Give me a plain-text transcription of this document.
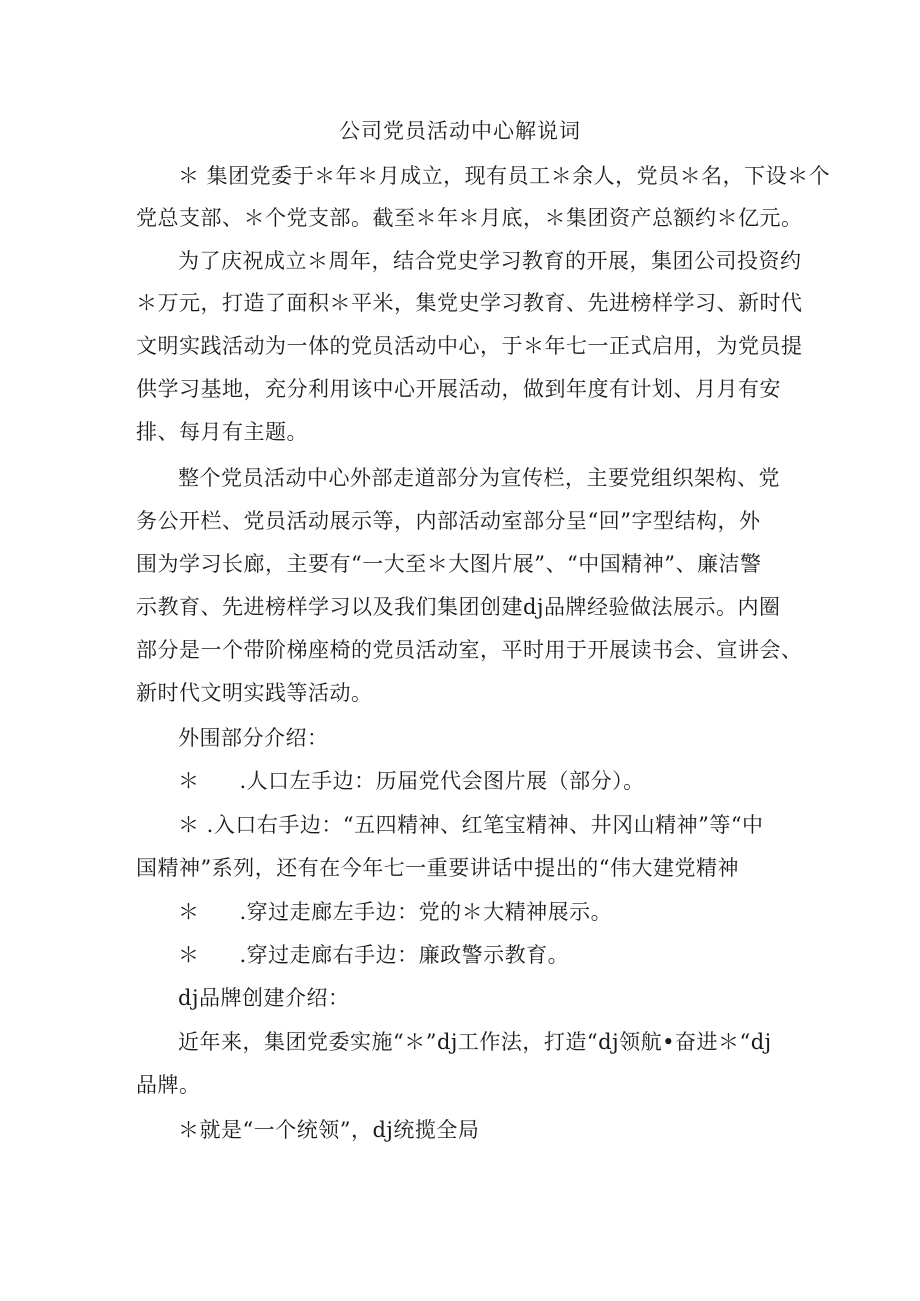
公司党员活动中心解说词
＊ 集团党委于＊年＊月成立，现有员工＊余人，党员＊名，下设＊个
党总支部、＊个党支部。截至＊年＊月底，＊集团资产总额约＊亿元。
为了庆祝成立＊周年，结合党史学习教育的开展，集团公司投资约
＊万元，打造了面积＊平米，集党史学习教育、先进榜样学习、新时代
文明实践活动为一体的党员活动中心，于＊年七一正式启用，为党员提
供学习基地，充分利用该中心开展活动，做到年度有计划、月月有安
排、每月有主题。
整个党员活动中心外部走道部分为宣传栏，主要党组织架构、党
务公开栏、党员活动展示等，内部活动室部分呈“回”字型结构，外
围为学习长廊，主要有“一大至＊大图片展”、“中国精神”、廉洁警
示教育、先进榜样学习以及我们集团创建dj品牌经验做法展示。内圈
部分是一个带阶梯座椅的党员活动室，平时用于开展读书会、宣讲会、
新时代文明实践等活动。
外围部分介绍：
＊ .人口左手边：历届党代会图片展（部分）。
＊ .入口右手边：“五四精神、红笔宝精神、井冈山精神”等“中
国精神”系列，还有在今年七一重要讲话中提出的“伟大建党精神
＊ .穿过走廊左手边：党的＊大精神展示。
＊ .穿过走廊右手边：廉政警示教育。
dj品牌创建介绍：
近年来，集团党委实施“＊”dj工作法，打造“dj领航•奋进＊“dj
品牌。
＊就是“一个统领”，dj统揽全局
